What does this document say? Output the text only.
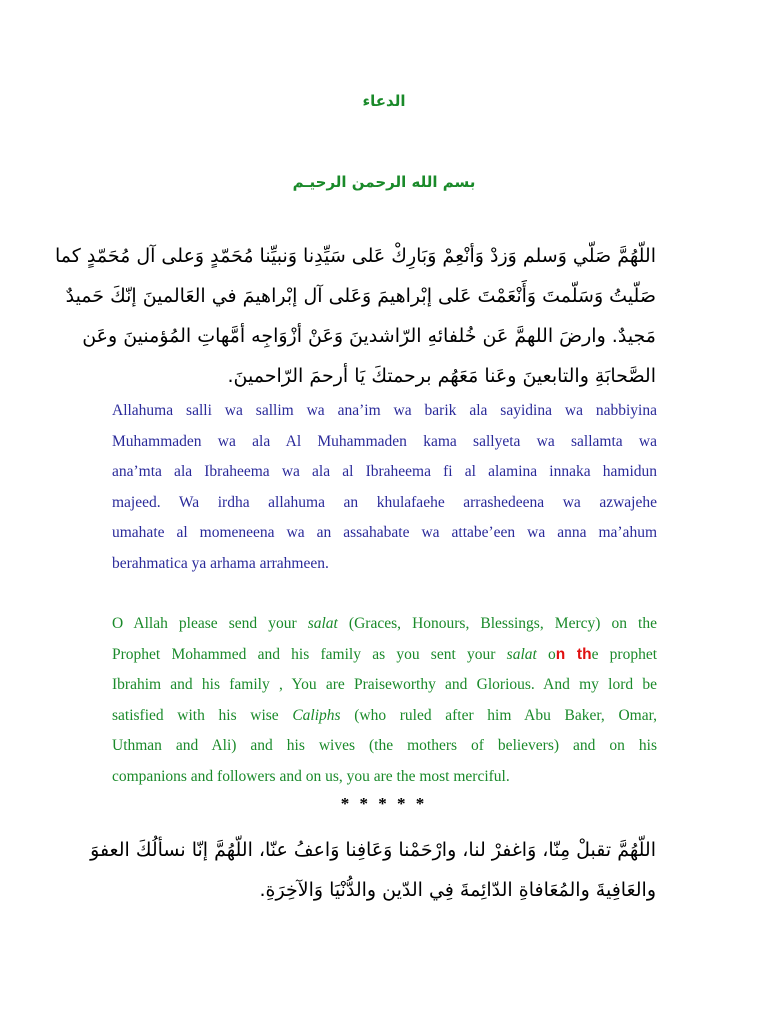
الدعاء
بسم الله الرحمن الرحيـم
اللّهُمَّ صَلّي وَسلم وَزدْ وَأنْعِمْ وَبَارِكْ عَلى سَيِّدِنا وَنبيِّنا مُحَمّدٍ وَعلى آل مُحَمّدٍ كما
صَلّيتُ وَسَلّمتَ وَأَنْعَمْتَ عَلى إبْراهيمَ وَعَلى آل إبْراهيمَ في العَالمينَ إنّكَ حَميدٌ
مَجيدٌ. وارضَ اللهمَّ عَن خُلفائهِ الرّاشدينَ وَعَنْ أزْوَاجِه أمَّهاتِ المُؤمنينَ وعَن
الصَّحابَةِ والتابعينَ وعَنا مَعَهُم برحمتكَ يَا أرحمَ الرّاحمينَ.
Allahuma salli wa sallim wa ana’im wa barik ala sayidina wa nabbiyina
Muhammaden wa ala Al Muhammaden kama sallyeta wa sallamta wa
ana’mta ala Ibraheema wa ala al Ibraheema fi al alamina innaka hamidun
majeed. Wa irdha allahuma an khulafaehe arrashedeena wa azwajehe
umahate al momeneena wa an assahabate wa attabe’een wa anna ma’ahum
berahmatica ya arhama arrahmeen.
O Allah please send your salat (Graces, Honours, Blessings, Mercy) on the
Prophet Mohammed and his family as you sent your salat on the prophet
Ibrahim and his family , You are Praiseworthy and Glorious. And my lord be
satisfied with his wise Caliphs (who ruled after him Abu Baker, Omar,
Uthman and Ali) and his wives (the mothers of believers) and on his
companions and followers and on us, you are the most merciful.
* * * * *
اللّهُمَّ تقبلْ مِنّا، وَاغفرْ لنا، وارْحَمْنا وَعَافِنا وَاعفُ عنّا، اللّهُمَّ إنّا نسألُكَ العفوَ
والعَافِيةَ والمُعَافاةِ الدّائِمةَ فِي الدّين والدُّنْيَا وَالآخِرَةِ.
